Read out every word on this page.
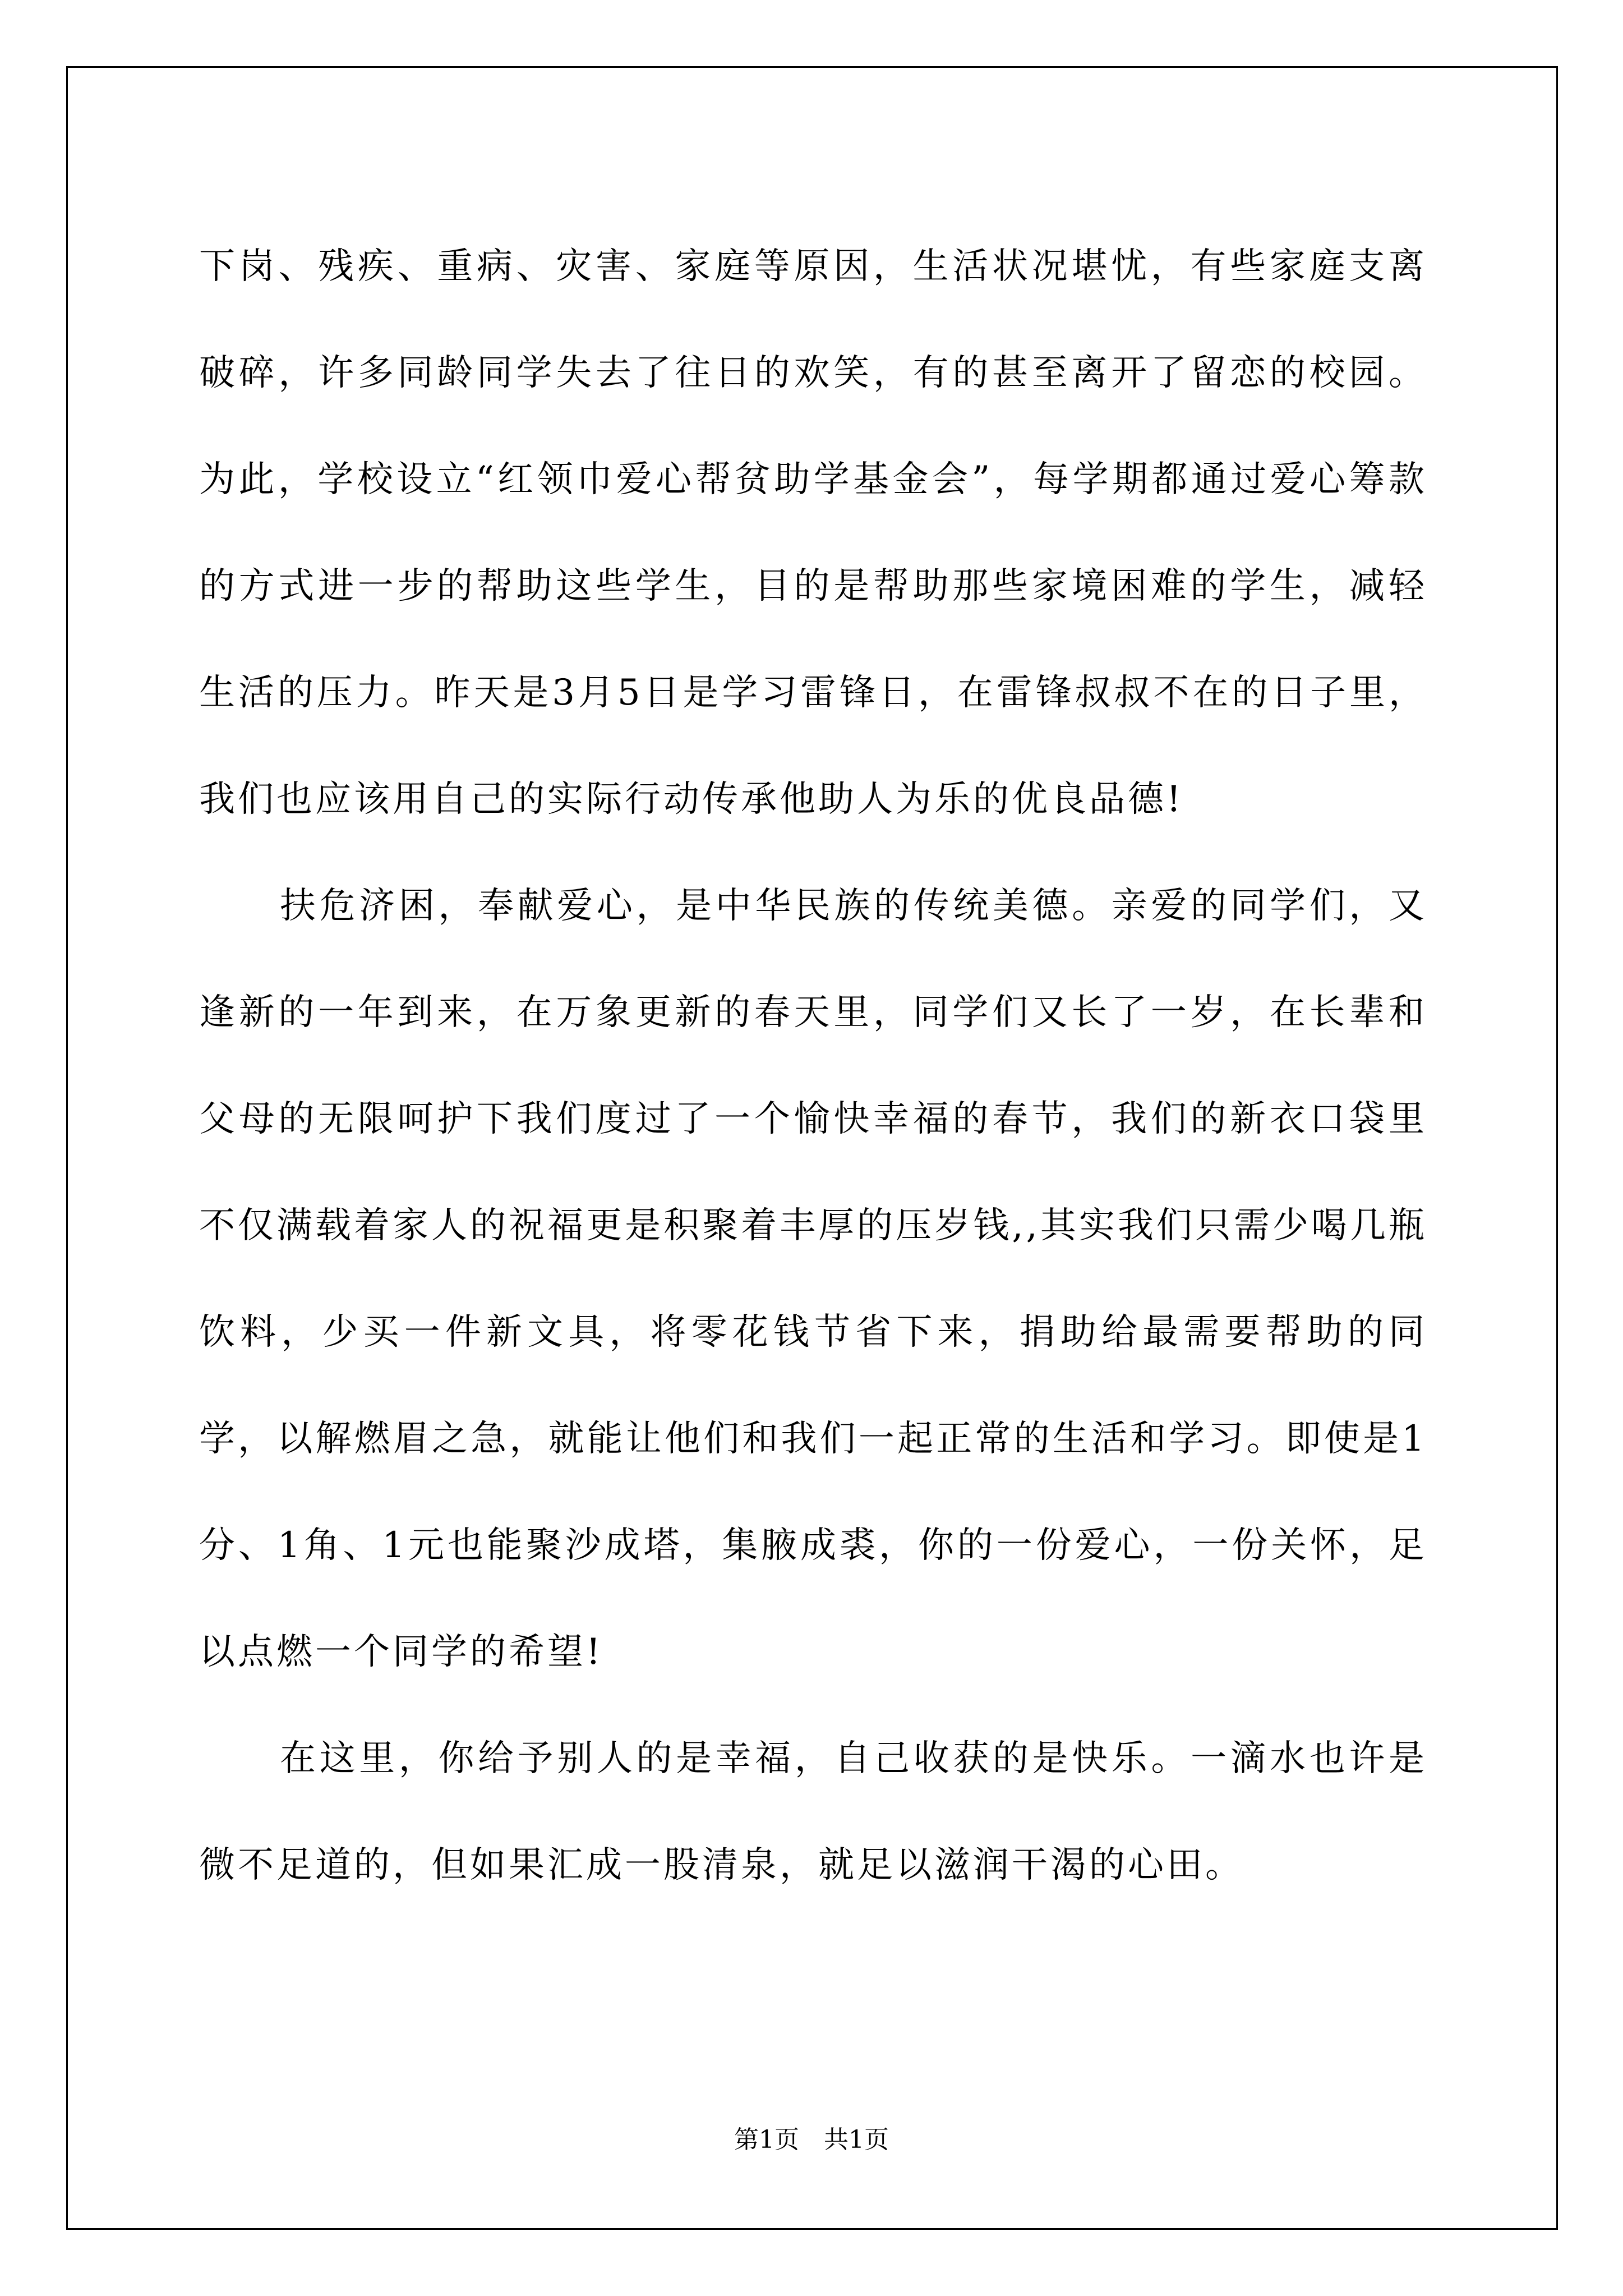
下岗、残疾、重病、灾害、家庭等原因，生活状况堪忧，有些家庭支离破碎，许多同龄同学失去了往日的欢笑，有的甚至离开了留恋的校园。为此，学校设立“红领巾爱心帮贫助学基金会”，每学期都通过爱心筹款的方式进一步的帮助这些学生，目的是帮助那些家境困难的学生，减轻生活的压力。昨天是3月5日是学习雷锋日，在雷锋叔叔不在的日子里，我们也应该用自己的实际行动传承他助人为乐的优良品德!

扶危济困，奉献爱心，是中华民族的传统美德。亲爱的同学们，又逢新的一年到来，在万象更新的春天里，同学们又长了一岁，在长辈和父母的无限呵护下我们度过了一个愉快幸福的春节，我们的新衣口袋里不仅满载着家人的祝福更是积聚着丰厚的压岁钱,,其实我们只需少喝几瓶饮料，少买一件新文具，将零花钱节省下来，捐助给最需要帮助的同学，以解燃眉之急，就能让他们和我们一起正常的生活和学习。即使是1分、1角、1元也能聚沙成塔，集腋成裘，你的一份爱心，一份关怀，足以点燃一个同学的希望!

在这里，你给予别人的是幸福，自己收获的是快乐。一滴水也许是微不足道的，但如果汇成一股清泉，就足以滋润干渴的心田。

第1页　共1页
